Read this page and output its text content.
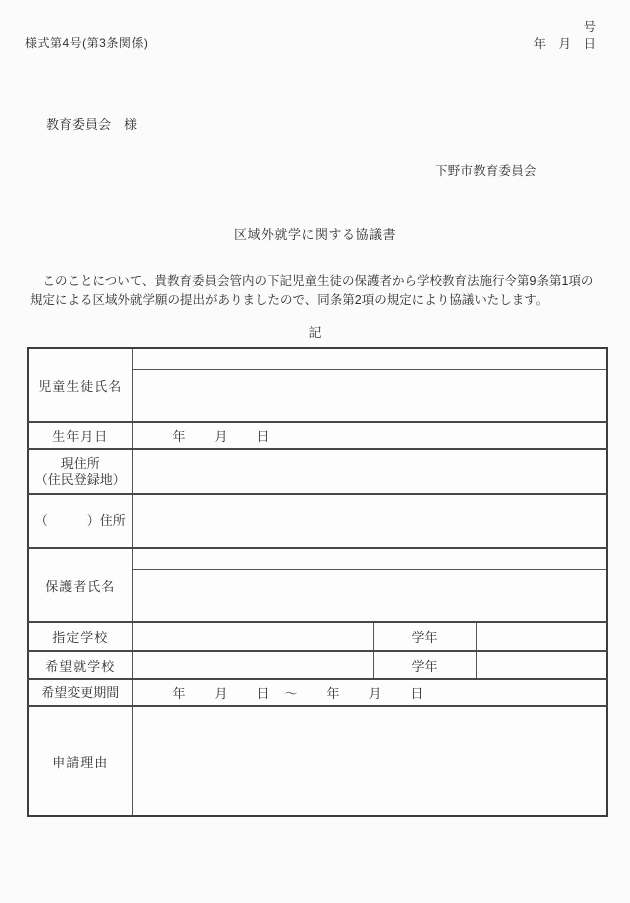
様式第4号(第3条関係)
号
年　月　日
教育委員会　様
下野市教育委員会
区域外就学に関する協議書
　このことについて、貴教育委員会管内の下記児童生徒の保護者から学校教育法施行令第9条第1項の
規定による区域外就学願の提出がありましたので、同条第2項の規定により協議いたします。
記
児童生徒氏名			

生年月日	年　　月　　日		

現住所
（住民登録地）			

（　　　）住所			
保護者氏名			

指定学校		学年	
希望就学校		学年	
希望変更期間	年　　月　　日　～　　年　　月　　日		
申請理由			
